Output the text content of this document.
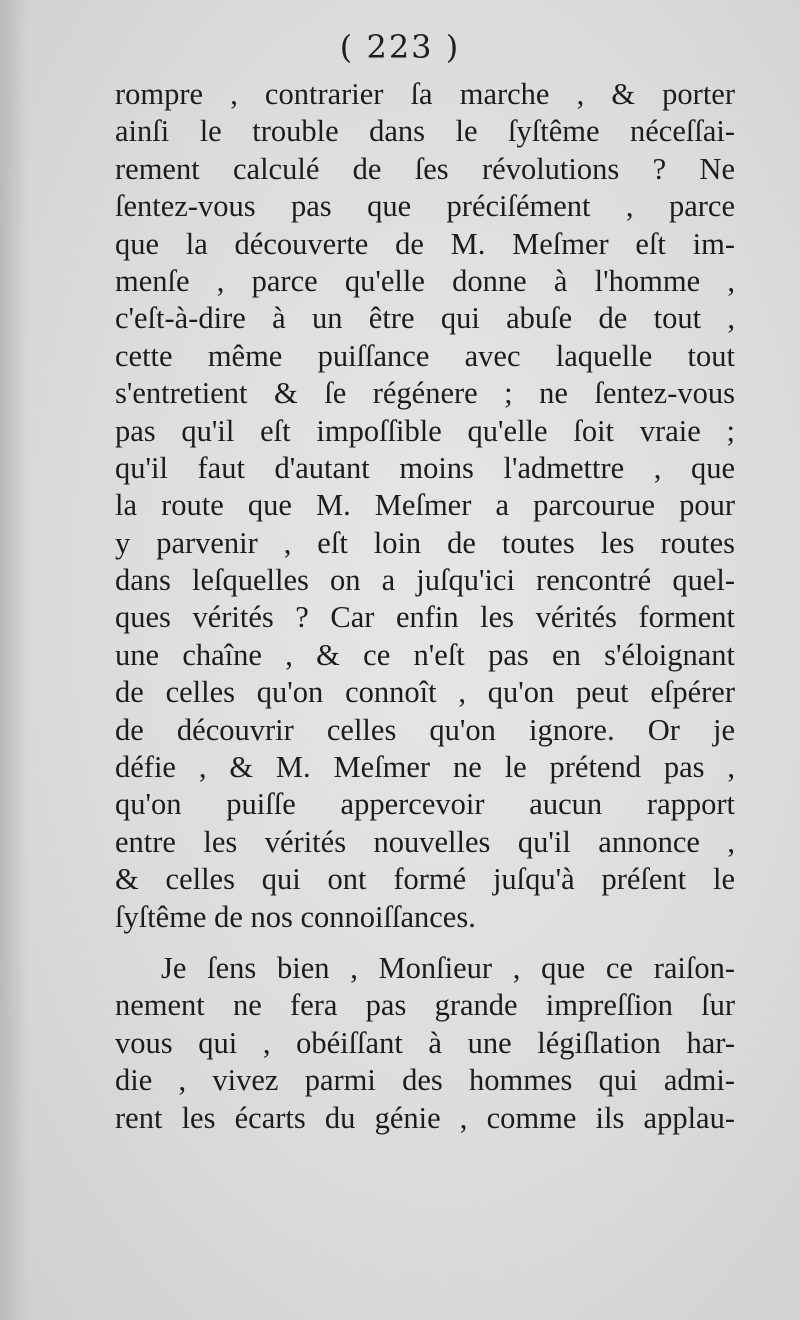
( 223 )
rompre , contrarier ſa marche , & porter
ainſi le trouble dans le ſyſtême néceſſai-
rement calculé de ſes révolutions ? Ne
ſentez-vous pas que préciſément , parce
que la découverte de M. Meſmer eſt im-
menſe , parce qu'elle donne à l'homme ,
c'eſt-à-dire à un être qui abuſe de tout ,
cette même puiſſance avec laquelle tout
s'entretient & ſe régénere ; ne ſentez-vous
pas qu'il eſt impoſſible qu'elle ſoit vraie ;
qu'il faut d'autant moins l'admettre , que
la route que M. Meſmer a parcourue pour
y parvenir , eſt loin de toutes les routes
dans leſquelles on a juſqu'ici rencontré quel-
ques vérités ? Car enfin les vérités forment
une chaîne , & ce n'eſt pas en s'éloignant
de celles qu'on connoît , qu'on peut eſpérer
de découvrir celles qu'on ignore. Or je
défie , & M. Meſmer ne le prétend pas ,
qu'on puiſſe appercevoir aucun rapport
entre les vérités nouvelles qu'il annonce ,
& celles qui ont formé juſqu'à préſent le
ſyſtême de nos connoiſſances.
Je ſens bien , Monſieur , que ce raiſon-
nement ne fera pas grande impreſſion ſur
vous qui , obéiſſant à une légiſlation har-
die , vivez parmi des hommes qui admi-
rent les écarts du génie , comme ils applau-
